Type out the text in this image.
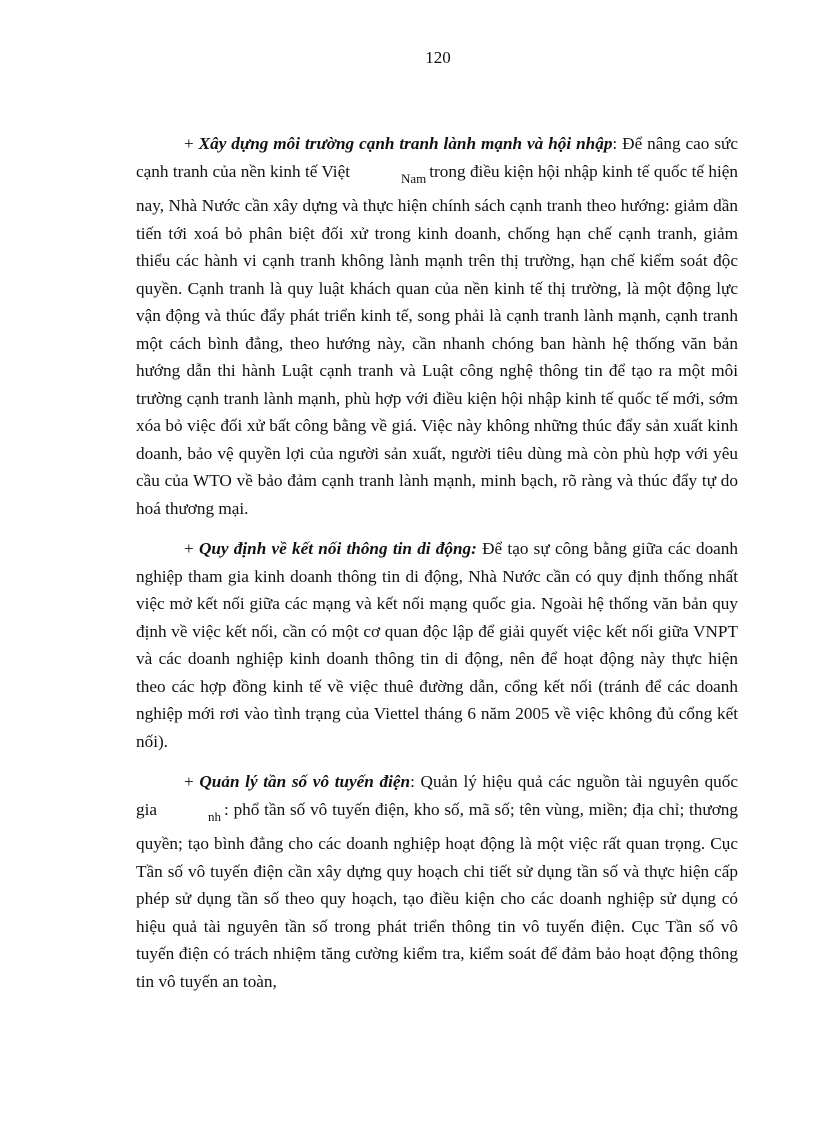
120

+ Xây dựng môi trường cạnh tranh lành mạnh và hội nhập: Để nâng cao sức cạnh tranh của nền kinh tế Việt	Nam trong điều kiện hội nhập kinh tế quốc tế hiện nay, Nhà Nước cần xây dựng và thực hiện chính sách cạnh tranh theo hướng: giảm dần tiến tới xoá bỏ phân biệt đối xử trong kinh doanh, chống hạn chế cạnh tranh, giảm thiểu các hành vi cạnh tranh không lành mạnh trên thị trường, hạn chế kiểm soát độc quyền. Cạnh tranh là quy luật khách quan của nền kinh tế thị trường, là một động lực vận động và thúc đẩy phát triển kinh tế, song phải là cạnh tranh lành mạnh, cạnh tranh một cách bình đẳng, theo hướng này, cần nhanh chóng ban hành hệ thống văn bản hướng dẫn thi hành Luật cạnh tranh và Luật công nghệ thông tin để tạo ra một môi trường cạnh tranh lành mạnh, phù hợp với điều kiện hội nhập kinh tế quốc tế mới, sớm xóa bỏ việc đối xử bất công bằng về giá. Việc này không những thúc đẩy sản xuất kinh doanh, bảo vệ quyền lợi của người sản xuất, người tiêu dùng mà còn phù hợp với yêu cầu của WTO về bảo đảm cạnh tranh lành mạnh, minh bạch, rõ ràng và thúc đẩy tự do hoá thương mại.

+ Quy định về kết nối thông tin di động: Để tạo sự công bằng giữa các doanh nghiệp tham gia kinh doanh thông tin di động, Nhà Nước cần có quy định thống nhất việc mở kết nối giữa các mạng và kết nối mạng quốc gia. Ngoài hệ thống văn bản quy định về việc kết nối, cần có một cơ quan độc lập để giải quyết việc kết nối giữa VNPT và các doanh nghiệp kinh doanh thông tin di động, nên để hoạt động này thực hiện theo các hợp đồng kinh tế về việc thuê đường dẫn, cổng kết nối (tránh để các doanh nghiệp mới rơi vào tình trạng của Viettel tháng 6 năm 2005 về việc không đủ cổng kết nối).

+ Quản lý tần số vô tuyến điện: Quản lý hiệu quả các nguồn tài nguyên quốc gia	nh : phổ tần số vô tuyến điện, kho số, mã số; tên vùng, miền; địa chỉ; thương quyền; tạo bình đẳng cho các doanh nghiệp hoạt động là một việc rất quan trọng. Cục Tần số vô tuyến điện cần xây dựng quy hoạch chi tiết sử dụng tần số và thực hiện cấp phép sử dụng tần số theo quy hoạch, tạo điều kiện cho các doanh nghiệp sử dụng có hiệu quả tài nguyên tần số trong phát triển thông tin vô tuyến điện. Cục Tần số vô tuyến điện có trách nhiệm tăng cường kiểm tra, kiểm soát để đảm bảo hoạt động thông tin vô tuyến an toàn,
